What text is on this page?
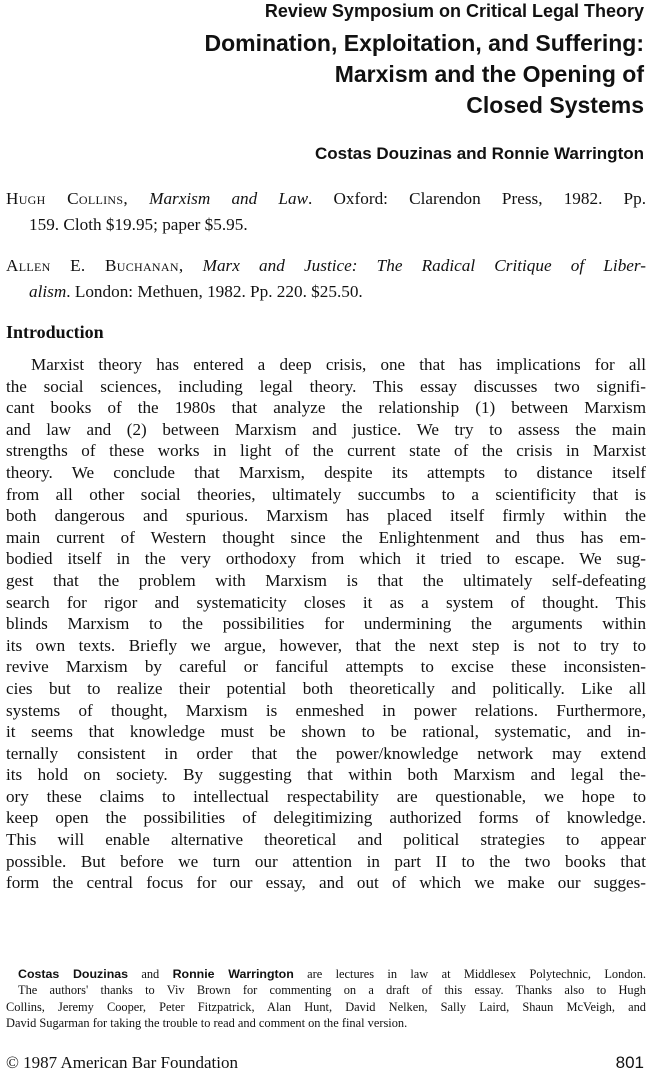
Review Symposium on Critical Legal Theory
Domination, Exploitation, and Suffering:
Marxism and the Opening of
Closed Systems
Costas Douzinas and Ronnie Warrington
Hugh Collins, Marxism and Law. Oxford: Clarendon Press, 1982. Pp.
159. Cloth $19.95; paper $5.95.
Allen E. Buchanan, Marx and Justice: The Radical Critique of Liber-
alism. London: Methuen, 1982. Pp. 220. $25.50.
Introduction
Marxist theory has entered a deep crisis, one that has implications for all
the social sciences, including legal theory. This essay discusses two signifi-
cant books of the 1980s that analyze the relationship (1) between Marxism
and law and (2) between Marxism and justice. We try to assess the main
strengths of these works in light of the current state of the crisis in Marxist
theory. We conclude that Marxism, despite its attempts to distance itself
from all other social theories, ultimately succumbs to a scientificity that is
both dangerous and spurious. Marxism has placed itself firmly within the
main current of Western thought since the Enlightenment and thus has em-
bodied itself in the very orthodoxy from which it tried to escape. We sug-
gest that the problem with Marxism is that the ultimately self-defeating
search for rigor and systematicity closes it as a system of thought. This
blinds Marxism to the possibilities for undermining the arguments within
its own texts. Briefly we argue, however, that the next step is not to try to
revive Marxism by careful or fanciful attempts to excise these inconsisten-
cies but to realize their potential both theoretically and politically. Like all
systems of thought, Marxism is enmeshed in power relations. Furthermore,
it seems that knowledge must be shown to be rational, systematic, and in-
ternally consistent in order that the power/knowledge network may extend
its hold on society. By suggesting that within both Marxism and legal the-
ory these claims to intellectual respectability are questionable, we hope to
keep open the possibilities of delegitimizing authorized forms of knowledge.
This will enable alternative theoretical and political strategies to appear
possible. But before we turn our attention in part II to the two books that
form the central focus for our essay, and out of which we make our sugges-
Costas Douzinas and Ronnie Warrington are lectures in law at Middlesex Polytechnic, London.
The authors' thanks to Viv Brown for commenting on a draft of this essay. Thanks also to Hugh
Collins, Jeremy Cooper, Peter Fitzpatrick, Alan Hunt, David Nelken, Sally Laird, Shaun McVeigh, and
David Sugarman for taking the trouble to read and comment on the final version.
© 1987 American Bar Foundation	801
